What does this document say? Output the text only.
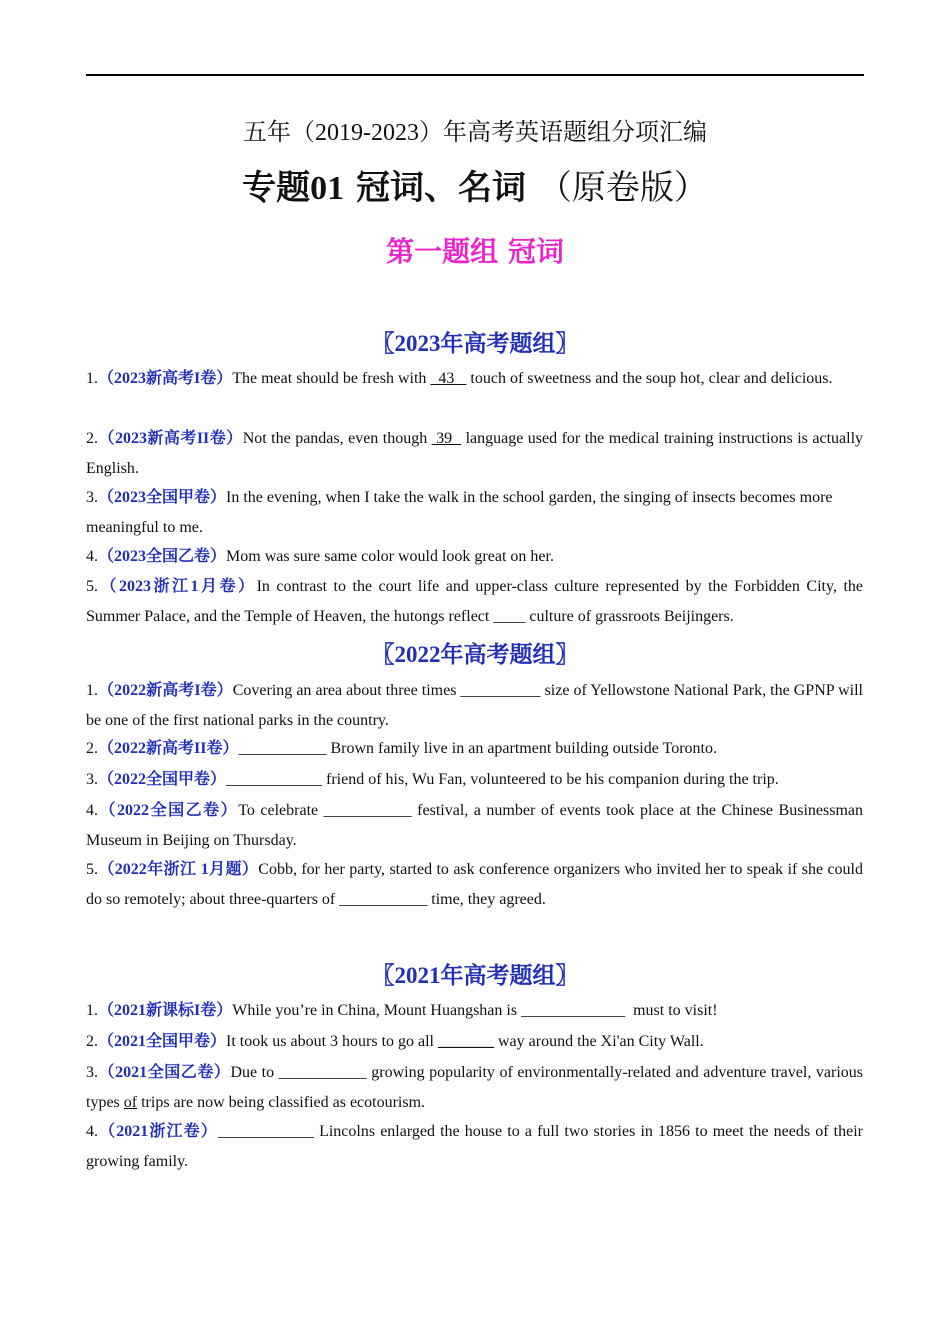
五年（2019-2023）年高考英语题组分项汇编
专题01 冠词、名词 （原卷版）
第一题组 冠词
〖2023年高考题组〗
1.（2023新高考I卷）The meat should be fresh with   43    touch of sweetness and the soup hot, clear and delicious.
2.（2023新高考II卷）Not the pandas, even though  39   language used for the medical training instructions is actually English.
3.（2023全国甲卷）In the evening, when I take the walk in the school garden, the singing of insects becomes more meaningful to me.
4.（2023全国乙卷）Mom was sure same color would look great on her.
5.（2023浙江1月卷）In contrast to the court life and upper-class culture represented by the Forbidden City, the Summer Palace, and the Temple of Heaven, the hutongs reflect ____ culture of grassroots Beijingers.
〖2022年高考题组〗
1.（2022新高考I卷）Covering an area about three times __________ size of Yellowstone National Park, the GPNP will be one of the first national parks in the country.
2.（2022新高考II卷）___________ Brown family live in an apartment building outside Toronto.
3.（2022全国甲卷）____________ friend of his, Wu Fan, volunteered to be his companion during the trip.
4.（2022全国乙卷）To celebrate ___________ festival, a number of events took place at the Chinese Businessman Museum in Beijing on Thursday.
5.（2022年浙江 1月题）Cobb, for her party, started to ask conference organizers who invited her to speak if she could do so remotely; about three-quarters of ___________ time, they agreed.
〖2021年高考题组〗
1.（2021新课标I卷）While you’re in China, Mount Huangshan is _____________  must to visit!
2.（2021全国甲卷）It took us about 3 hours to go all _______ way around the Xi'an City Wall.
3.（2021全国乙卷）Due to ___________ growing popularity of environmentally-related and adventure travel, various types of trips are now being classified as ecotourism.
4.（2021浙江卷）____________ Lincolns enlarged the house to a full two stories in 1856 to meet the needs of their growing family.
